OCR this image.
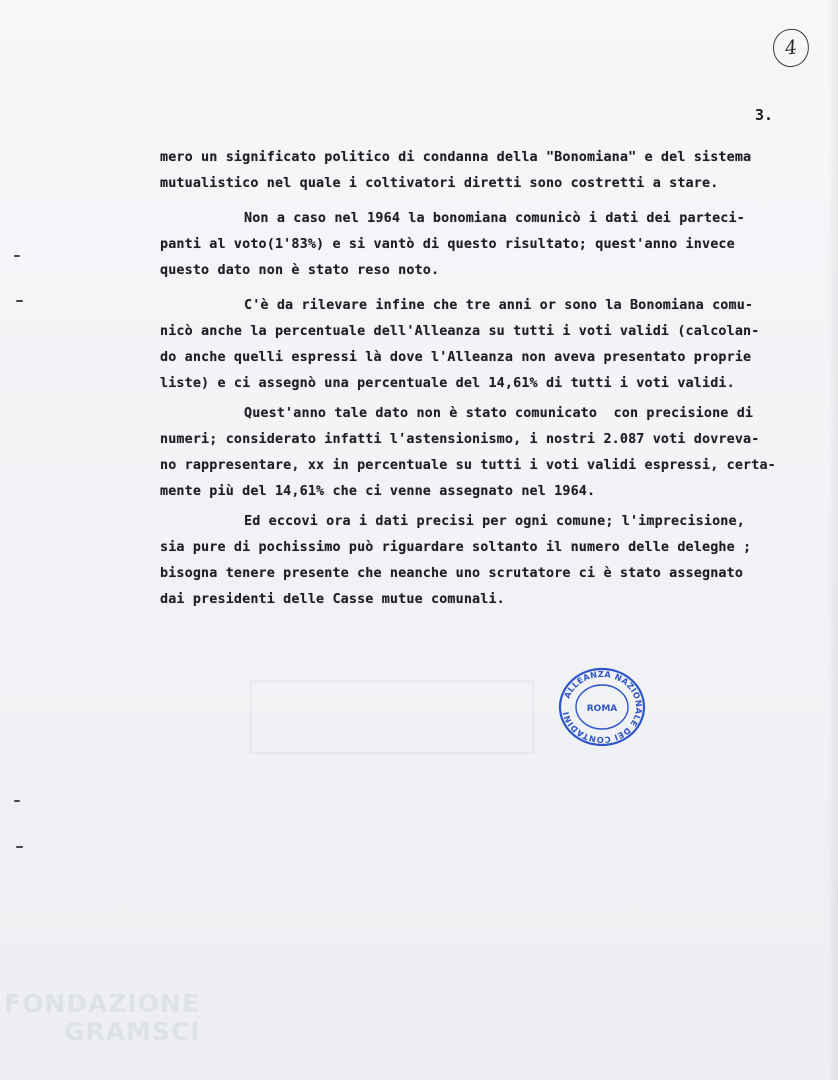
4
3.
mero un significato politico di condanna della "Bonomiana" e del sistema
mutualistico nel quale i coltivatori diretti sono costretti a stare.
Non a caso nel 1964 la bonomiana comunicò i dati dei parteci-
panti al voto(1'83%) e si vantò di questo risultato; quest'anno invece
questo dato non è stato reso noto.
C'è da rilevare infine che tre anni or sono la Bonomiana comu-
nicò anche la percentuale dell'Alleanza su tutti i voti validi (calcolan-
do anche quelli espressi là dove l'Alleanza non aveva presentato proprie
liste) e ci assegnò una percentuale del 14,61% di tutti i voti validi.
Quest'anno tale dato non è stato comunicato  con precisione di
numeri; considerato infatti l'astensionismo, i nostri 2.087 voti dovreva-
no rappresentare, xx in percentuale su tutti i voti validi espressi, certa-
mente più del 14,61% che ci venne assegnato nel 1964.
Ed eccovi ora i dati precisi per ogni comune; l'imprecisione,
sia pure di pochissimo può riguardare soltanto il numero delle deleghe ;
bisogna tenere presente che neanche uno scrutatore ci è stato assegnato
dai presidenti delle Casse mutue comunali.
ALLEANZA NAZIONALE DEI CONTADINI	ROMA
FONDAZIONE
GRAMSCI
